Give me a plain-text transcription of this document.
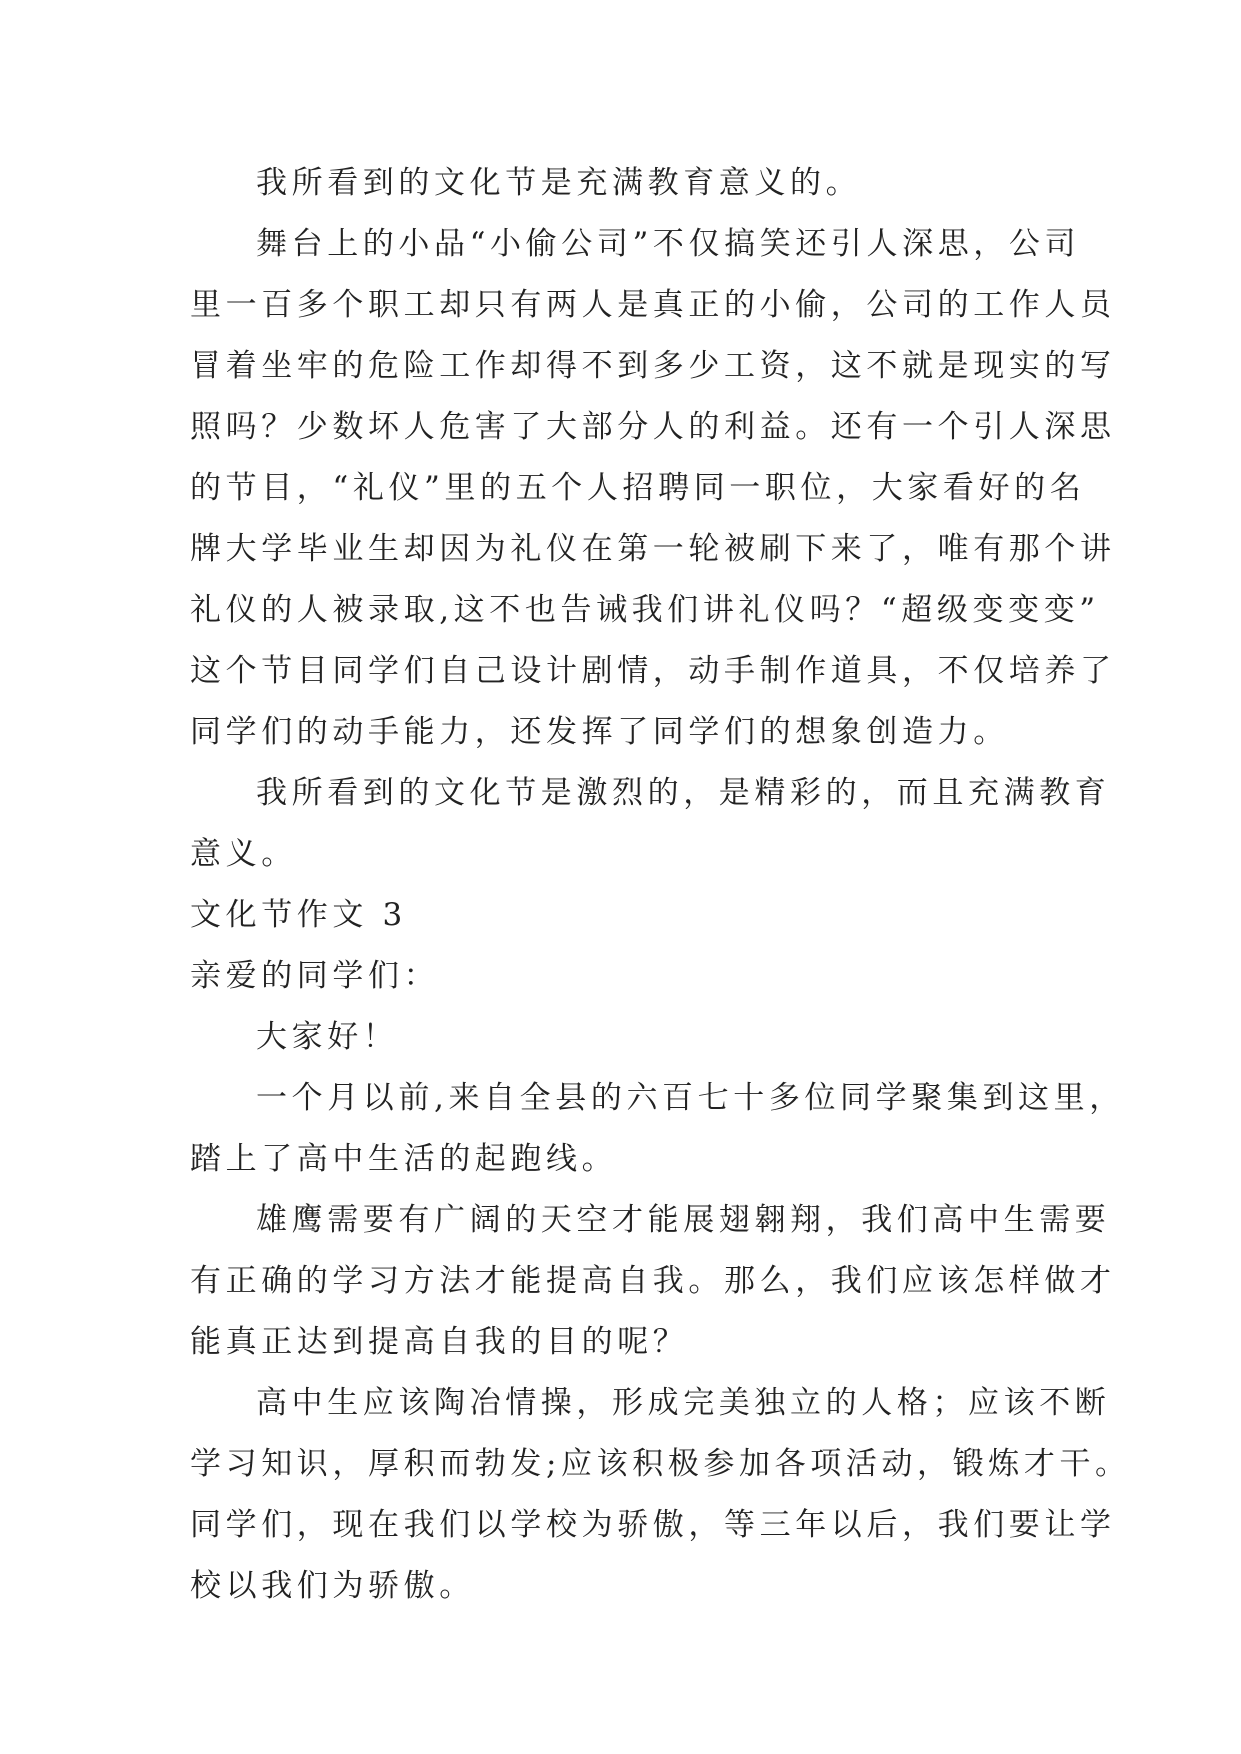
我所看到的文化节是充满教育意义的。
舞台上的小品“小偷公司”不仅搞笑还引人深思，公司
里一百多个职工却只有两人是真正的小偷，公司的工作人员
冒着坐牢的危险工作却得不到多少工资，这不就是现实的写
照吗？少数坏人危害了大部分人的利益。还有一个引人深思
的节目，“礼仪”里的五个人招聘同一职位，大家看好的名
牌大学毕业生却因为礼仪在第一轮被刷下来了，唯有那个讲
礼仪的人被录取,这不也告诫我们讲礼仪吗？“超级变变变”
这个节目同学们自己设计剧情，动手制作道具，不仅培养了
同学们的动手能力，还发挥了同学们的想象创造力。
我所看到的文化节是激烈的，是精彩的，而且充满教育
意义。
文化节作文 3
亲爱的同学们：
大家好！
一个月以前,来自全县的六百七十多位同学聚集到这里，
踏上了高中生活的起跑线。
雄鹰需要有广阔的天空才能展翅翱翔，我们高中生需要
有正确的学习方法才能提高自我。那么，我们应该怎样做才
能真正达到提高自我的目的呢？
高中生应该陶冶情操，形成完美独立的人格；应该不断
学习知识，厚积而勃发;应该积极参加各项活动，锻炼才干。
同学们，现在我们以学校为骄傲，等三年以后，我们要让学
校以我们为骄傲。
